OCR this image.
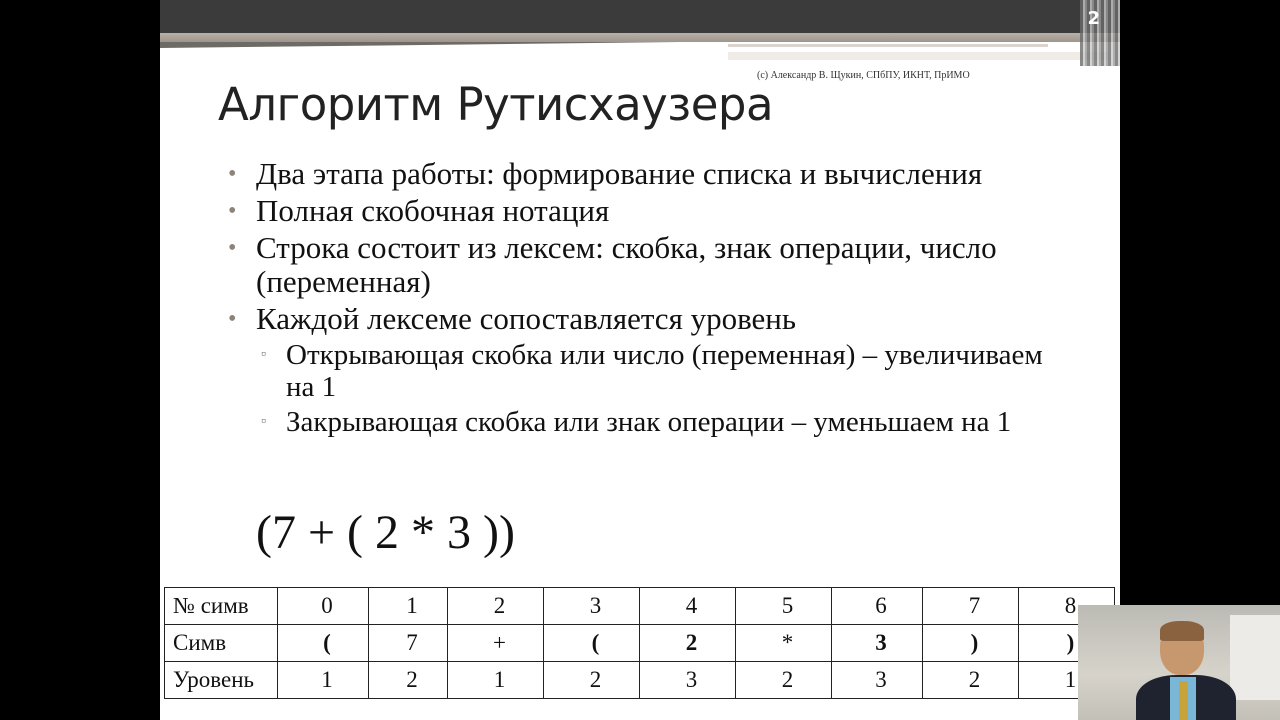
2
(с) Александр В. Щукин, СПбПУ, ИКНТ, ПрИМО
Алгоритм Рутисхаузера
• Два этапа работы: формирование списка и вычисления
• Полная скобочная нотация
• Строка состоит из лексем: скобка, знак операции, число (переменная)
• Каждой лексеме сопоставляется уровень
▫ Открывающая скобка или число (переменная) – увеличиваем на 1
▫ Закрывающая скобка или знак операции – уменьшаем на 1
(7 + ( 2 * 3 ))
№ симв	0	1	2	3	4	5	6	7	8
Симв	(	7	+	(	2	*	3	)	)
Уровень	1	2	1	2	3	2	3	2	1
